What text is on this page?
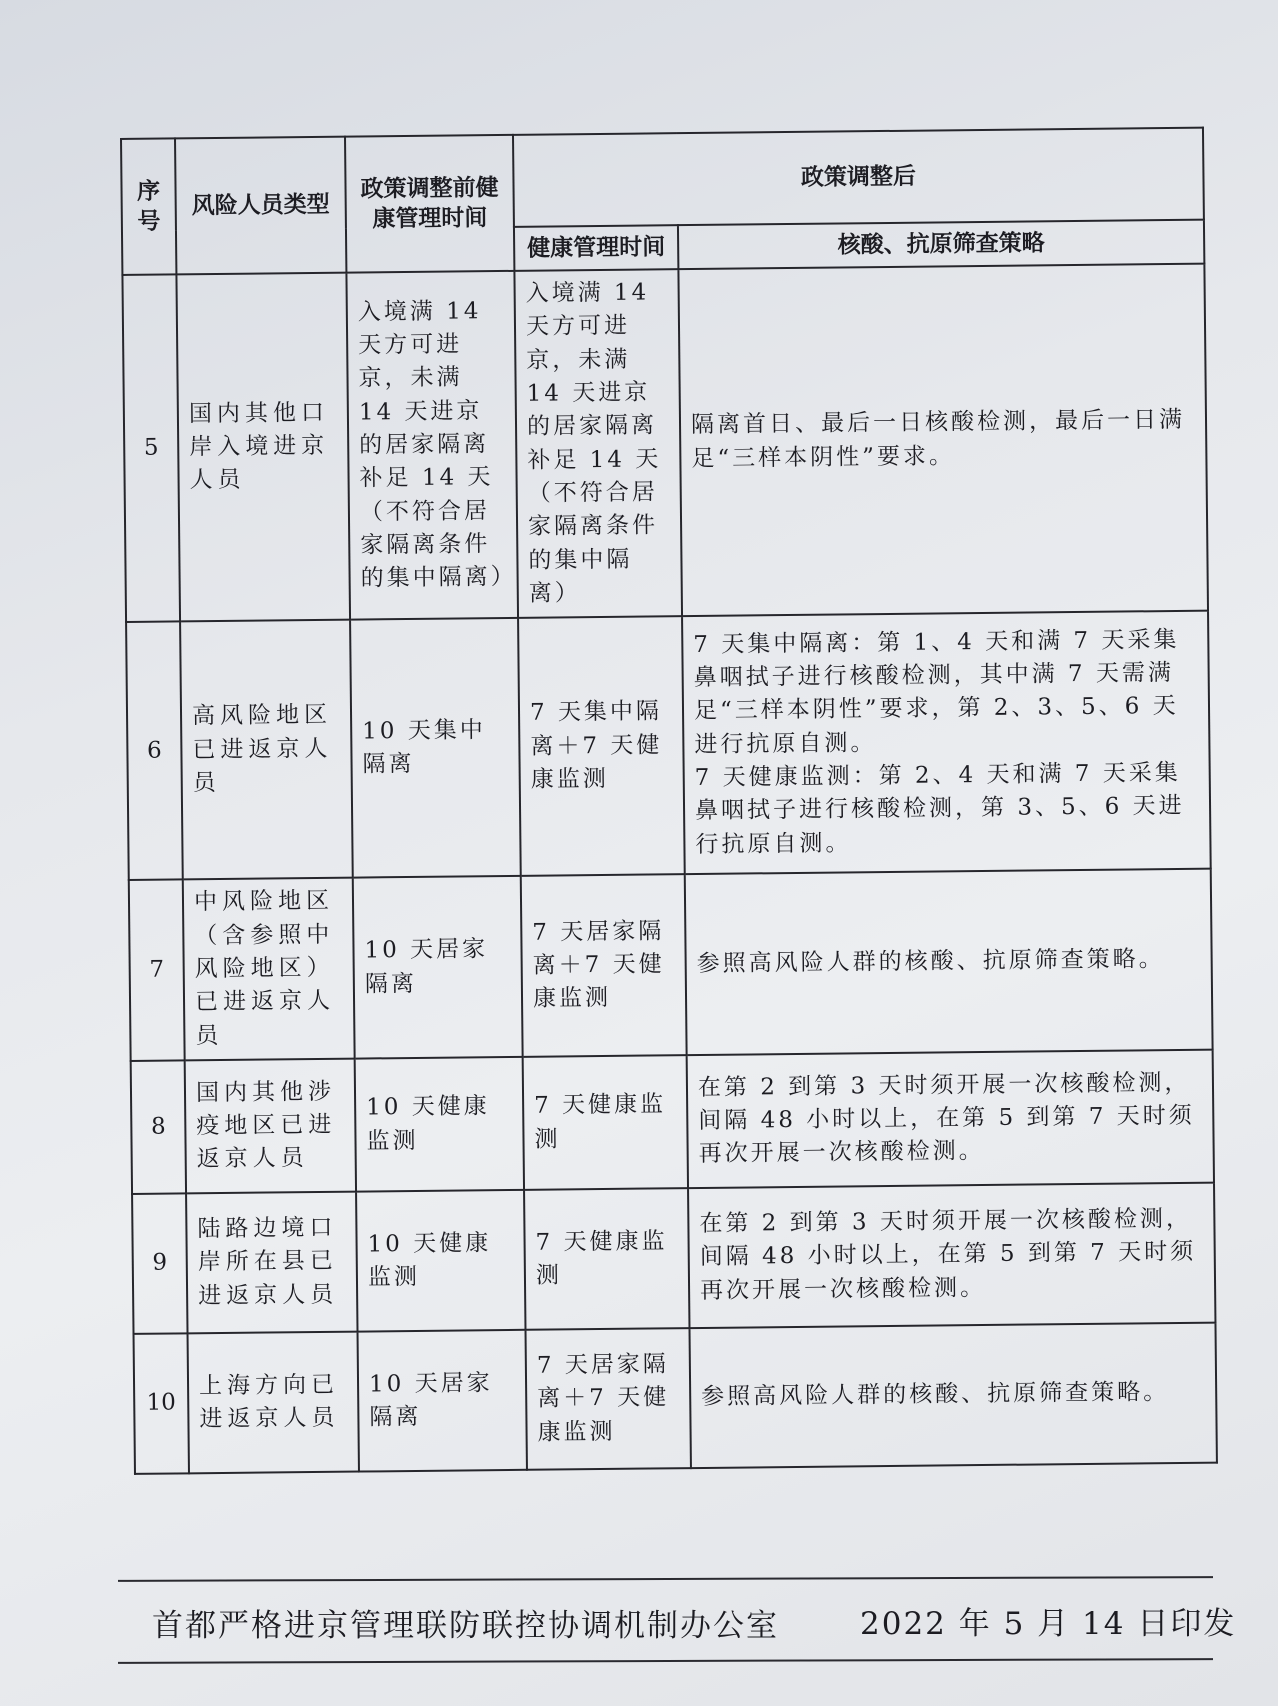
序号	风险人员类型	政策调整前健康管理时间	政策调整后	
			健康管理时间	核酸、抗原筛查策略
5	国内其他口岸入境进京人员	入境满 14 天方可进京，未满 14 天进京的居家隔离补足 14 天（不符合居家隔离条件的集中隔离）	入境满 14 天方可进京，未满 14 天进京的居家隔离补足 14 天（不符合居家隔离条件的集中隔离）	隔离首日、最后一日核酸检测，最后一日满足“三样本阴性”要求。
6	高风险地区已进返京人员	10 天集中隔离	7 天集中隔离＋7 天健康监测	7 天集中隔离：第 1、4 天和满 7 天采集鼻咽拭子进行核酸检测，其中满 7 天需满足“三样本阴性”要求，第 2、3、5、6 天进行抗原自测。
7 天健康监测：第 2、4 天和满 7 天采集鼻咽拭子进行核酸检测，第 3、5、6 天进行抗原自测。

7	中风险地区（含参照中风险地区）已进返京人员	10 天居家隔离	7 天居家隔离＋7 天健康监测	参照高风险人群的核酸、抗原筛查策略。
8	国内其他涉疫地区已进返京人员	10 天健康监测	7 天健康监测	在第 2 到第 3 天时须开展一次核酸检测，间隔 48 小时以上，在第 5 到第 7 天时须再次开展一次核酸检测。
9	陆路边境口岸所在县已进返京人员	10 天健康监测	7 天健康监测	在第 2 到第 3 天时须开展一次核酸检测，间隔 48 小时以上，在第 5 到第 7 天时须再次开展一次核酸检测。
10	上海方向已进返京人员	10 天居家隔离	7 天居家隔离＋7 天健康监测	参照高风险人群的核酸、抗原筛查策略。
首都严格进京管理联防联控协调机制办公室	2022 年 5 月 14 日印发
